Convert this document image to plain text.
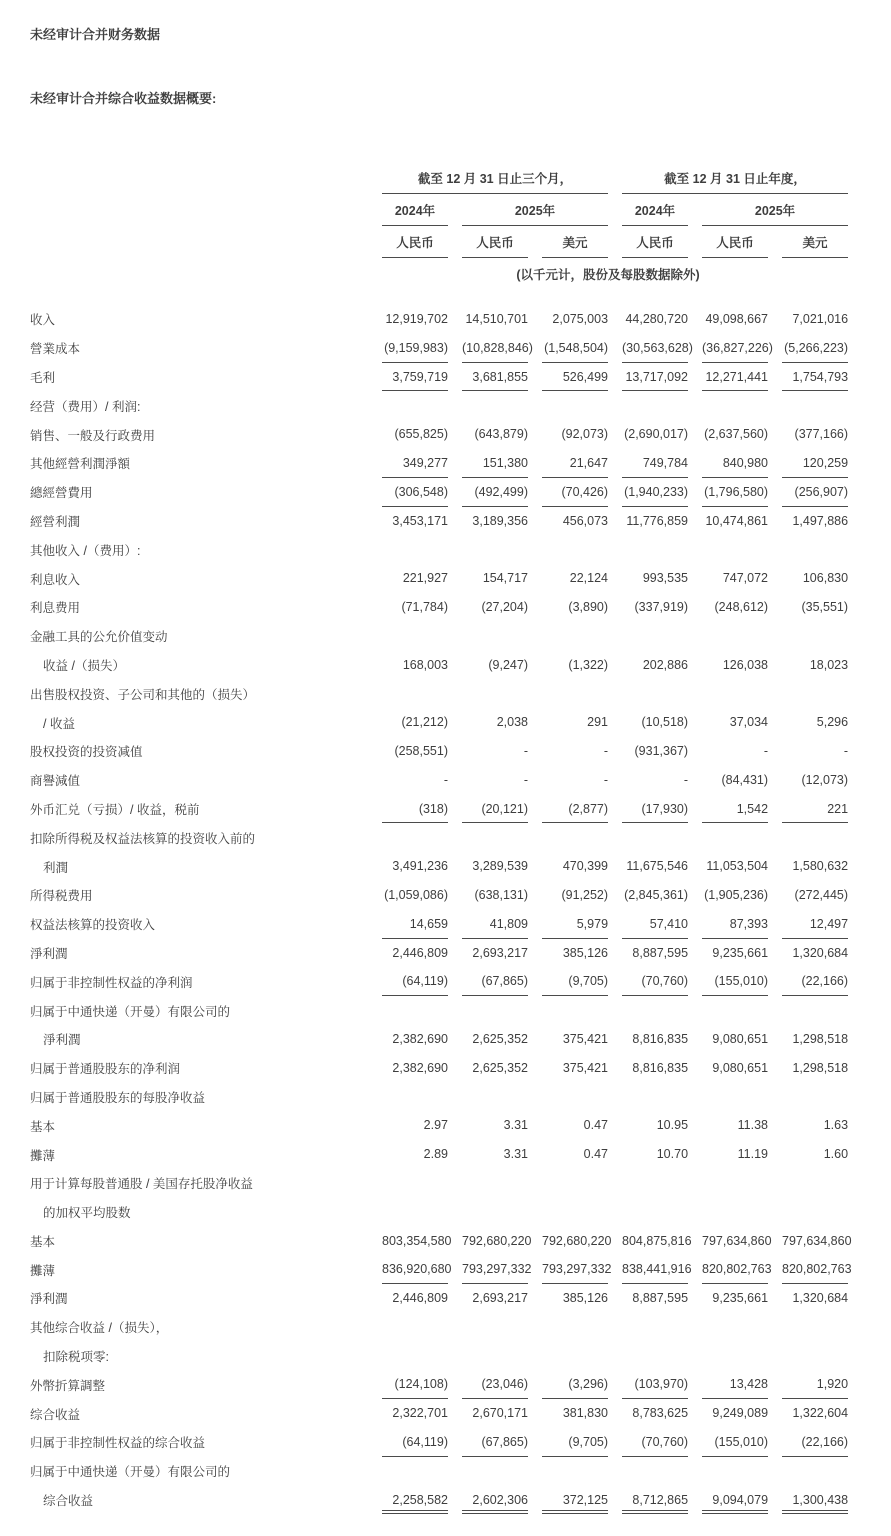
未经审计合并财务数据

未经审计合并综合收益数据概要:

	截至 12 月 31 日止三个月，			截至 12 月 31 日止年度，		

	2024年	2025年		2024年	2025年	

	人民币	人民币	美元	人民币	人民币	美元

	(以千元计，股份及每股数据除外)					
收入	12,919,702	14,510,701	2,075,003	44,280,720	49,098,667	7,021,016

營業成本	(9,159,983)	(10,828,846)	(1,548,504)	(30,563,628)	(36,827,226)	(5,266,223)

毛利	3,759,719	3,681,855	526,499	13,717,092	12,271,441	1,754,793

经营（费用）/ 利润:	

销售、一般及行政费用	(655,825)	(643,879)	(92,073)	(2,690,017)	(2,637,560)	(377,166)

其他經營利潤淨額	349,277	151,380	21,647	749,784	840,980	120,259

總經營費用	(306,548)	(492,499)	(70,426)	(1,940,233)	(1,796,580)	(256,907)

經營利潤	3,453,171	3,189,356	456,073	11,776,859	10,474,861	1,497,886

其他收入 /（费用）:	

利息收入	221,927	154,717	22,124	993,535	747,072	106,830

利息费用	(71,784)	(27,204)	(3,890)	(337,919)	(248,612)	(35,551)

金融工具的公允价值变动	

收益 /（损失）	168,003	(9,247)	(1,322)	202,886	126,038	18,023

出售股权投资、子公司和其他的（损失）	

/ 收益	(21,212)	2,038	291	(10,518)	37,034	5,296

股权投资的投资减值	(258,551)	-	-	(931,367)	-	-

商譽減值	-	-	-	-	(84,431)	(12,073)

外币汇兑（亏损）/ 收益，税前	(318)	(20,121)	(2,877)	(17,930)	1,542	221

扣除所得税及权益法核算的投资收入前的	

利潤	3,491,236	3,289,539	470,399	11,675,546	11,053,504	1,580,632

所得税费用	(1,059,086)	(638,131)	(91,252)	(2,845,361)	(1,905,236)	(272,445)

权益法核算的投资收入	14,659	41,809	5,979	57,410	87,393	12,497

淨利潤	2,446,809	2,693,217	385,126	8,887,595	9,235,661	1,320,684

归属于非控制性权益的净利润	(64,119)	(67,865)	(9,705)	(70,760)	(155,010)	(22,166)

归属于中通快递（开曼）有限公司的	

淨利潤	2,382,690	2,625,352	375,421	8,816,835	9,080,651	1,298,518

归属于普通股股东的净利润	2,382,690	2,625,352	375,421	8,816,835	9,080,651	1,298,518

归属于普通股股东的每股净收益	

基本	2.97	3.31	0.47	10.95	11.38	1.63

攤薄	2.89	3.31	0.47	10.70	11.19	1.60

用于计算每股普通股 / 美国存托股净收益	

的加权平均股数	

基本	803,354,580	792,680,220	792,680,220	804,875,816	797,634,860	797,634,860

攤薄	836,920,680	793,297,332	793,297,332	838,441,916	820,802,763	820,802,763

淨利潤	2,446,809	2,693,217	385,126	8,887,595	9,235,661	1,320,684

其他综合收益 /（损失），	

扣除税项零:	

外幣折算調整	(124,108)	(23,046)	(3,296)	(103,970)	13,428	1,920

综合收益	2,322,701	2,670,171	381,830	8,783,625	9,249,089	1,322,604

归属于非控制性权益的综合收益	(64,119)	(67,865)	(9,705)	(70,760)	(155,010)	(22,166)

归属于中通快递（开曼）有限公司的	

综合收益	2,258,582	2,602,306	372,125	8,712,865	9,094,079	1,300,438
